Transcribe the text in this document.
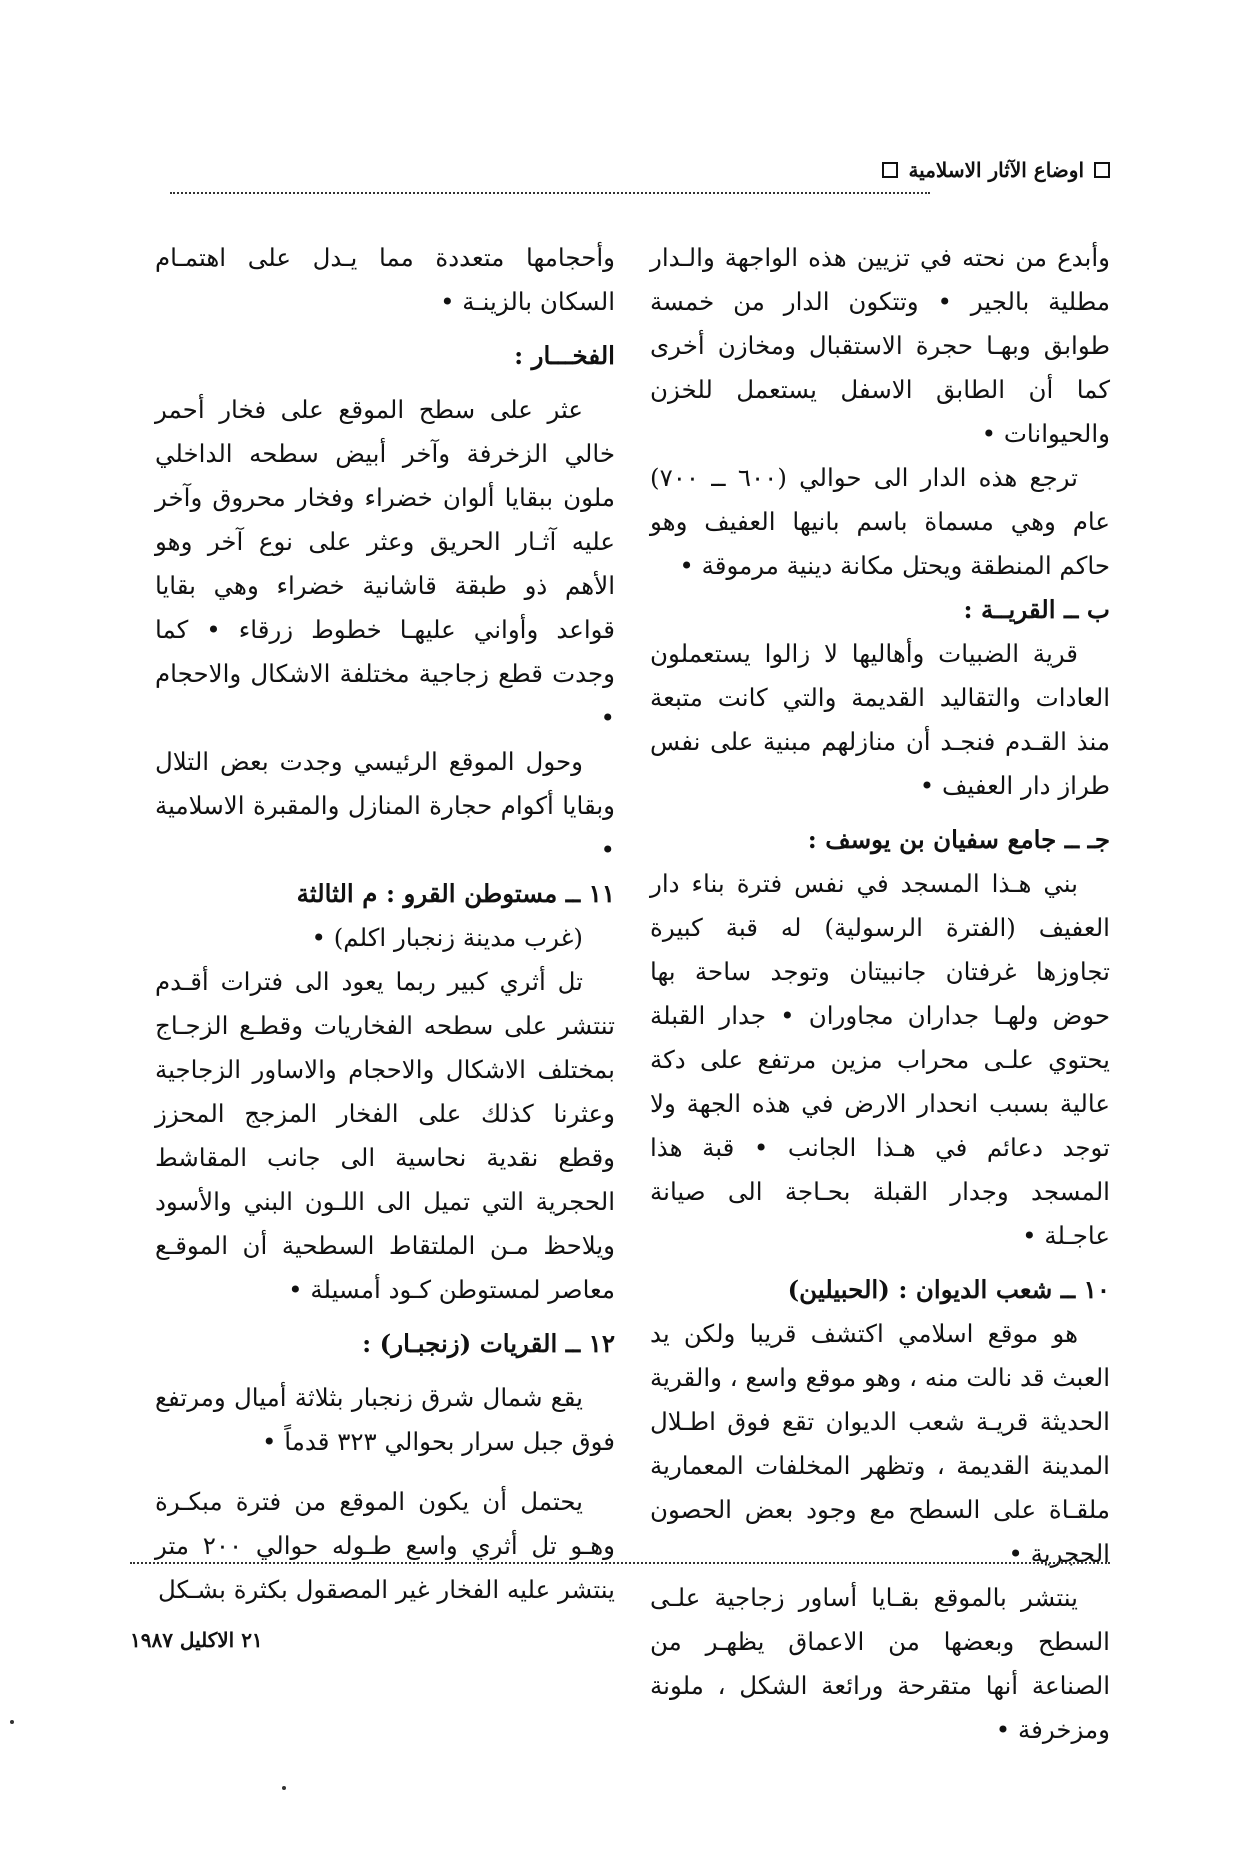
اوضاع الآثار الاسلامية

وأبدع من نحته في تزيين هذه الواجهة والـدار مطلية بالجير • وتتكون الدار من خمسة طوابق وبهـا حجرة الاستقبال ومخازن أخرى كما أن الطابق الاسفل يستعمل للخزن والحيوانات •

ترجع هذه الدار الى حوالي (٦٠٠ ــ ٧٠٠) عام وهي مسماة باسم بانيها العفيف وهو حاكم المنطقة ويحتل مكانة دينية مرموقة •

ب ــ القريــة :

قرية الضبيات وأهاليها لا زالوا يستعملون العادات والتقاليد القديمة والتي كانت متبعة منذ القـدم فنجـد أن منازلهم مبنية على نفس طراز دار العفيف •

جـ ــ جامع سفيان بن يوسف :

بني هـذا المسجد في نفس فترة بناء دار العفيف (الفترة الرسولية) له قبة كبيرة تجاوزها غرفتان جانبيتان وتوجد ساحة بها حوض ولهـا جداران مجاوران • جدار القبلة يحتوي علـى محراب مزين مرتفع على دكة عالية بسبب انحدار الارض في هذه الجهة ولا توجد دعائم في هـذا الجانب • قبة هذا المسجد وجدار القبلة بحـاجة الى صيانة عاجـلة •

١٠ ــ شعب الديوان : (الحبيلين)

هو موقع اسلامي اكتشف قريبا ولكن يد العبث قد نالت منه ، وهو موقع واسع ، والقرية الحديثة قريـة شعب الديوان تقع فوق اطـلال المدينة القديمة ، وتظهر المخلفات المعمارية ملقـاة على السطح مع وجود بعض الحصون الحجرية •

ينتشر بالموقع بقـايا أساور زجاجية علـى السطح وبعضها من الاعماق يظهـر من الصناعة أنها متقرحة ورائعة الشكل ، ملونة ومزخرفة •

وأحجامها متعددة مما يـدل على اهتمـام السكان بالزينـة •

الفخـــار :

عثر على سطح الموقع على فخار أحمر خالي الزخرفة وآخر أبيض سطحه الداخلي ملون ببقايا ألوان خضراء وفخار محروق وآخر عليه آثـار الحريق وعثر على نوع آخر وهو الأهم ذو طبقة قاشانية خضراء وهي بقايا قواعد وأواني عليهـا خطوط زرقاء • كما وجدت قطع زجاجية مختلفة الاشكال والاحجام •

وحول الموقع الرئيسي وجدت بعض التلال وبقايا أكوام حجارة المنازل والمقبرة الاسلامية •

١١ ــ مستوطن القرو : م الثالثة

(غرب مدينة زنجبار اكلم) •

تل أثري كبير ربما يعود الى فترات أقـدم تنتشر على سطحه الفخاريات وقطـع الزجـاج بمختلف الاشكال والاحجام والاساور الزجاجية وعثرنا كذلك على الفخار المزجج المحزز وقطع نقدية نحاسية الى جانب المقاشط الحجرية التي تميل الى اللـون البني والأسود ويلاحظ مـن الملتقاط السطحية أن الموقـع معاصر لمستوطن كـود أمسيلة •

١٢ ــ القريات (زنجبـار) :

يقع شمال شرق زنجبار بثلاثة أميال ومرتفع فوق جبل سرار بحوالي ٣٢٣ قدماً •

يحتمل أن يكون الموقع من فترة مبكـرة وهـو تل أثري واسع طـوله حوالي ٢٠٠ متر ينتشر عليه الفخار غير المصقول بكثرة بشـكل

٢١ الاكليل ١٩٨٧
